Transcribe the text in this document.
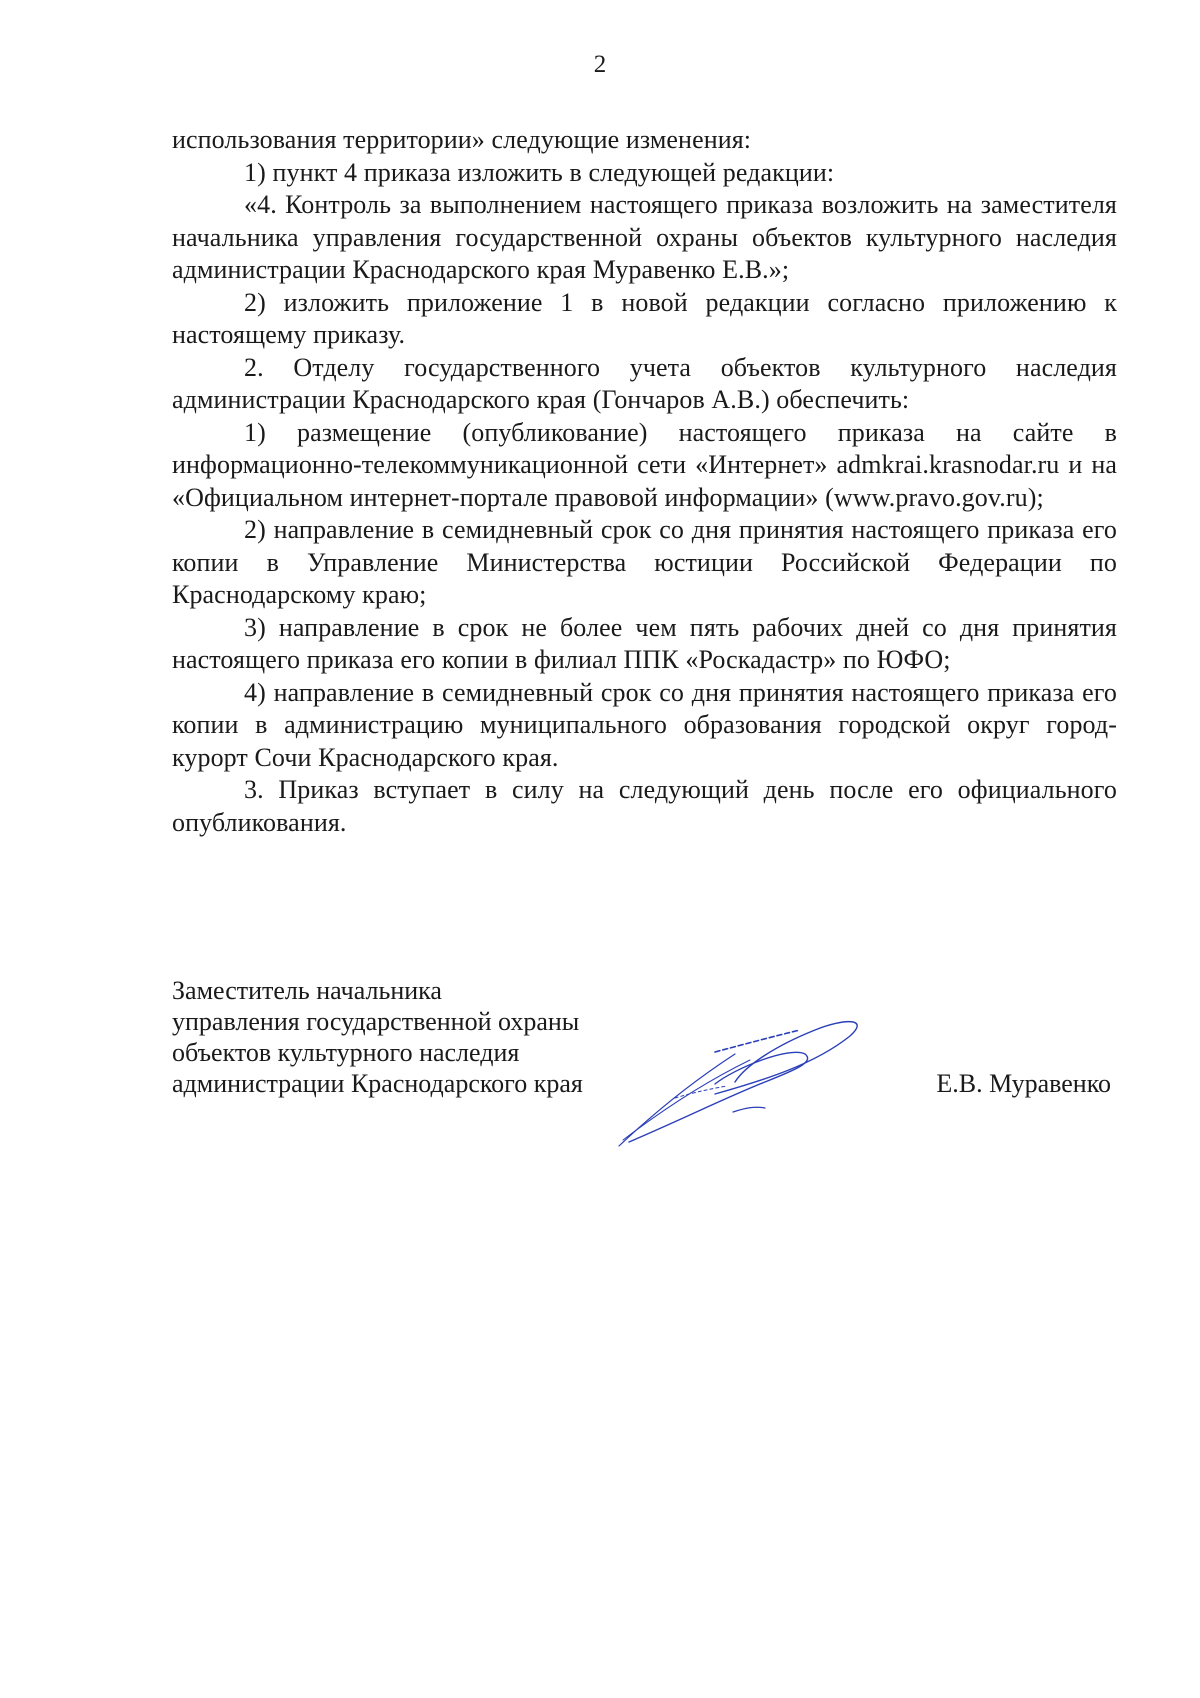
2

использования территории» следующие изменения:

1) пункт 4 приказа изложить в следующей редакции:

«4. Контроль за выполнением настоящего приказа возложить на заместителя начальника управления государственной охраны объектов культурного наследия администрации Краснодарского края Муравенко Е.В.»;

2) изложить приложение 1 в новой редакции согласно приложению к настоящему приказу.

2. Отделу государственного учета объектов культурного наследия администрации Краснодарского края (Гончаров А.В.) обеспечить:

1) размещение (опубликование) настоящего приказа на сайте в информационно-телекоммуникационной сети «Интернет» admkrai.krasnodar.ru и на «Официальном интернет-портале правовой информации» (www.pravo.gov.ru);

2) направление в семидневный срок со дня принятия настоящего приказа его копии в Управление Министерства юстиции Российской Федерации по Краснодарскому краю;

3) направление в срок не более чем пять рабочих дней со дня принятия настоящего приказа его копии в филиал ППК «Роскадастр» по ЮФО;

4) направление в семидневный срок со дня принятия настоящего приказа его копии в администрацию муниципального образования городской округ город-курорт Сочи Краснодарского края.

3. Приказ вступает в силу на следующий день после его официального опубликования.

Заместитель начальника
управления государственной охраны
объектов культурного наследия
администрации Краснодарского края	Е.В. Муравенко
